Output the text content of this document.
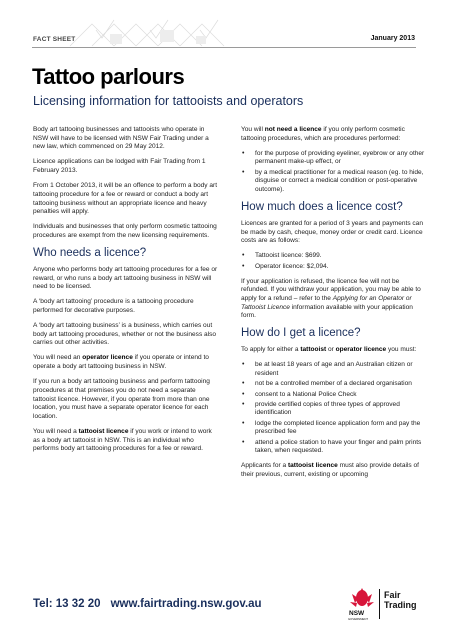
FACT SHEET	January 2013
Tattoo parlours
Licensing information for tattooists and operators

Body art tattooing businesses and tattooists who operate in NSW will have to be licensed with NSW Fair Trading under a new law, which commenced on 29 May 2012.

Licence applications can be lodged with Fair Trading from 1 February 2013.

From 1 October 2013, it will be an offence to perform a body art tattooing procedure for a fee or reward or conduct a body art tattooing business without an appropriate licence and heavy penalties will apply.

Individuals and businesses that only perform cosmetic tattooing procedures are exempt from the new licensing requirements.

Who needs a licence?

Anyone who performs body art tattooing procedures for a fee or reward, or who runs a body art tattooing business in NSW will need to be licensed.

A ‘body art tattooing’ procedure is a tattooing procedure performed for decorative purposes.

A ‘body art tattooing business’ is a business, which carries out body art tattooing procedures, whether or not the business also carries out other activities.

You will need an operator licence if you operate or intend to operate a body art tattooing business in NSW.

If you run a body art tattooing business and perform tattooing procedures at that premises you do not need a separate tattooist licence. However, if you operate from more than one location, you must have a separate operator licence for each location.

You will need a tattooist licence if you work or intend to work as a body art tattooist in NSW. This is an individual who performs body art tattooing procedures for a fee or reward.

You will not need a licence if you only perform cosmetic tattooing procedures, which are procedures performed:

• for the purpose of providing eyeliner, eyebrow or any other permanent make-up effect, or
• by a medical practitioner for a medical reason (eg. to hide, disguise or correct a medical condition or post-operative outcome).
How much does a licence cost?

Licences are granted for a period of 3 years and payments can be made by cash, cheque, money order or credit card. Licence costs are as follows:

• Tattooist licence: $699.
• Operator licence: $2,094.

If your application is refused, the licence fee will not be refunded. If you withdraw your application, you may be able to apply for a refund – refer to the Applying for an Operator or Tattooist Licence information available with your application form.

How do I get a licence?

To apply for either a tattooist or operator licence you must:

• be at least 18 years of age and an Australian citizen or resident
• not be a controlled member of a declared organisation
• consent to a National Police Check
• provide certified copies of three types of approved identification
• lodge the completed licence application form and pay the prescribed fee
• attend a police station to have your finger and palm prints taken, when requested.

Applicants for a tattooist licence must also provide details of their previous, current, existing or upcoming

Tel: 13 32 20 www.fairtrading.nsw.gov.au
NSW
GOVERNMENT
Fair
Trading
